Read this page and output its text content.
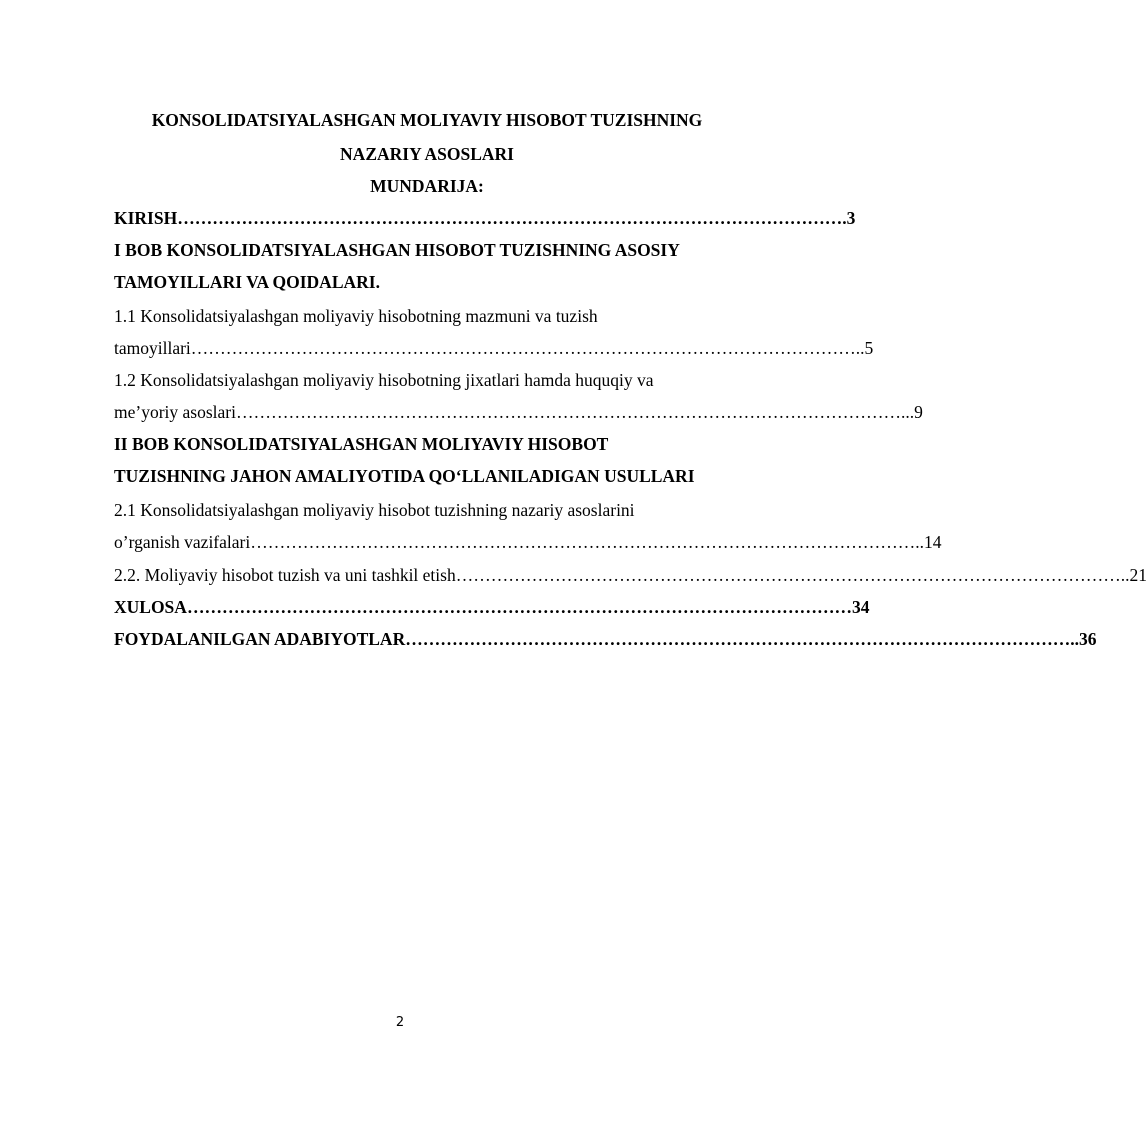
KONSOLIDATSIYALASHGAN MOLIYAVIY HISOBOT TUZISHNING
NAZARIY ASOSLARI
MUNDARIJA:
KIRISH …………………………………………………………………………………………………… .3
I BOB KONSOLIDATSIYALASHGAN HISOBOT TUZISHNING ASOSIY
TAMOYILLARI VA QOIDALARI.
1.1 Konsolidatsiyalashgan moliyaviy hisobotning mazmuni va tuzish
tamoyillari …………………………………………………………………………………………………… ..5
1.2 Konsolidatsiyalashgan moliyaviy hisobotning jixatlari hamda huquqiy va
me’yoriy asoslari …………………………………………………………………………………………………… ...9
II BOB KONSOLIDATSIYALASHGAN MOLIYAVIY HISOBOT
TUZISHNING JAHON AMALIYOTIDA QO‘LLANILADIGAN USULLARI
2.1 Konsolidatsiyalashgan moliyaviy hisobot tuzishning nazariy asoslarini
o’rganish vazifalari …………………………………………………………………………………………………… ..14
2.2. Moliyaviy hisobot tuzish va uni tashkil etish …………………………………………………………………………………………………… ..21
XULOSA …………………………………………………………………………………………………… 34
FOYDALANILGAN ADABIYOTLAR …………………………………………………………………………………………………… ..36
2
